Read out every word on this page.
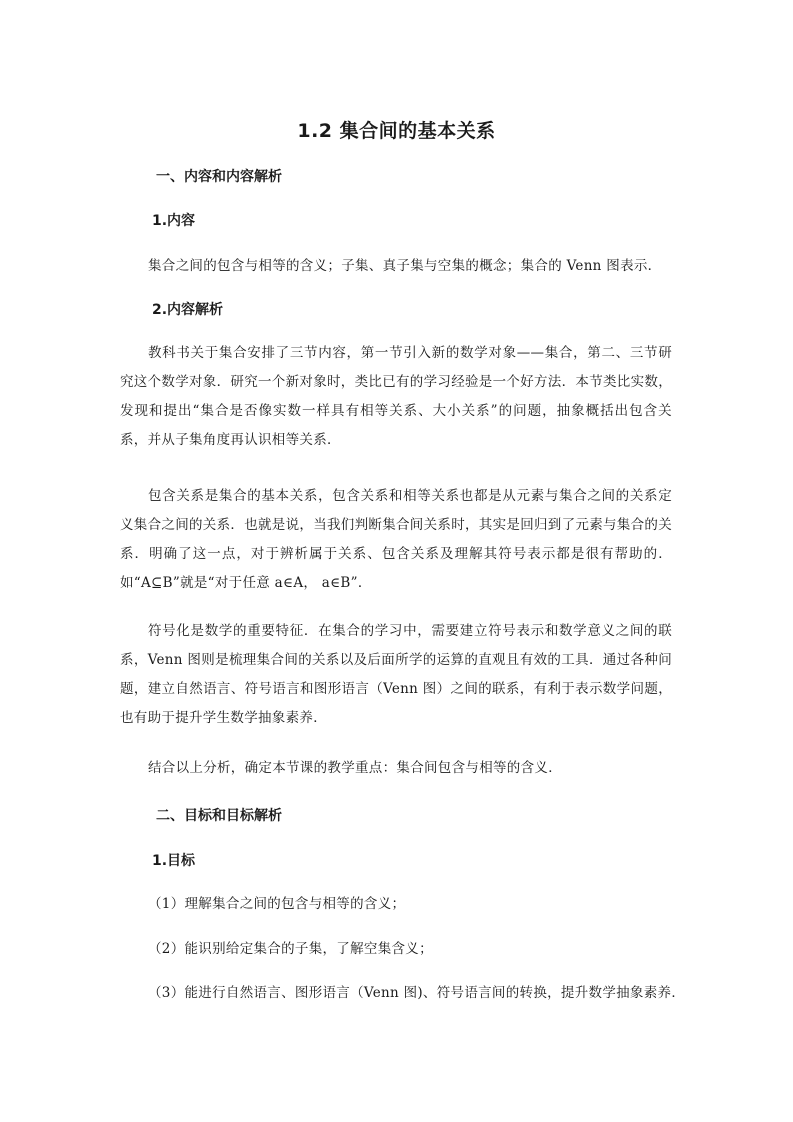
1.2 集合间的基本关系
一、内容和内容解析
1.内容
集合之间的包含与相等的含义；子集、真子集与空集的概念；集合的 Venn 图表示．
2.内容解析
教科书关于集合安排了三节内容，第一节引入新的数学对象——集合，第二、三节研究这个数学对象．研究一个新对象时，类比已有的学习经验是一个好方法．本节类比实数，发现和提出“集合是否像实数一样具有相等关系、大小关系”的问题，抽象概括出包含关系，并从子集角度再认识相等关系．
包含关系是集合的基本关系，包含关系和相等关系也都是从元素与集合之间的关系定义集合之间的关系．也就是说，当我们判断集合间关系时，其实是回归到了元素与集合的关系．明确了这一点，对于辨析属于关系、包含关系及理解其符号表示都是很有帮助的．如“A⊆B”就是“对于任意 a∈A， a∈B”．
符号化是数学的重要特征．在集合的学习中，需要建立符号表示和数学意义之间的联系，Venn 图则是梳理集合间的关系以及后面所学的运算的直观且有效的工具．通过各种问题，建立自然语言、符号语言和图形语言（Venn 图）之间的联系，有利于表示数学问题，也有助于提升学生数学抽象素养．
结合以上分析，确定本节课的教学重点：集合间包含与相等的含义．
二、目标和目标解析
1.目标
（1）理解集合之间的包含与相等的含义；
（2）能识别给定集合的子集，了解空集含义；
（3）能进行自然语言、图形语言（Venn 图)、符号语言间的转换，提升数学抽象素养．
